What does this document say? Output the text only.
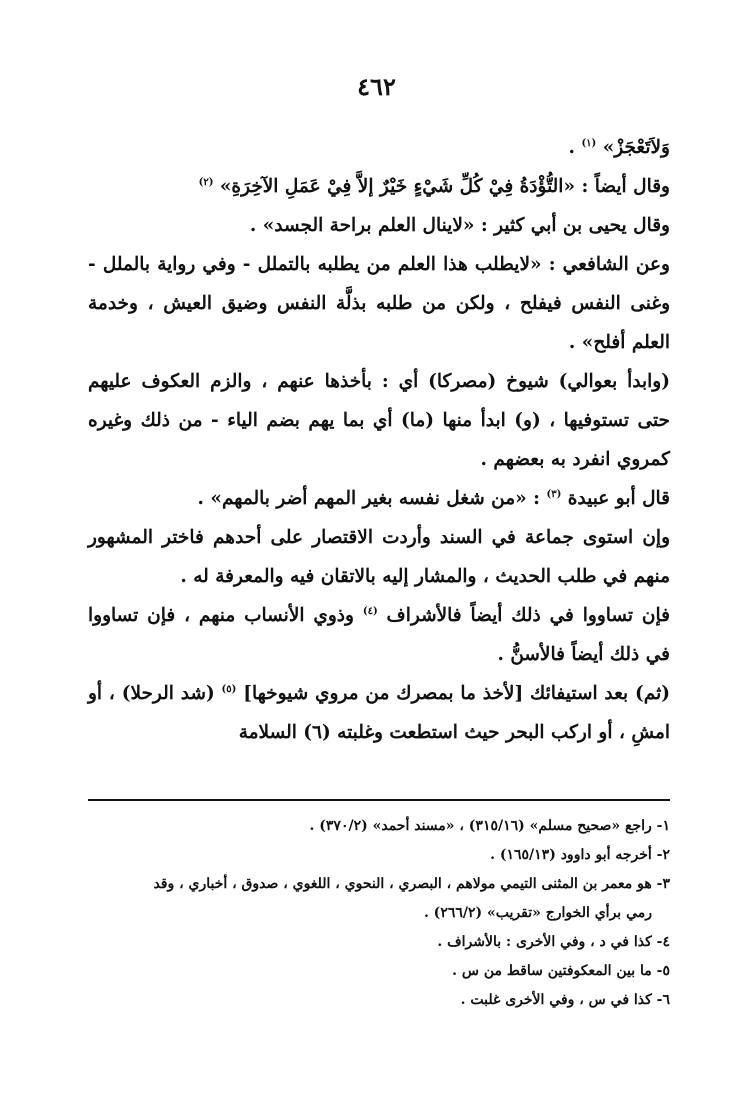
٤٦٢

وَلاَتَعْجَزْ» $^{(١)}$ .

وقال أيضاً : «التُّؤْدَةُ فِيْ كُلِّ شَيْءٍ خَيْرٌ إلاَّ فِيْ عَمَلِ الآخِرَةِ» $^{(٢)}$

وقال يحيى بن أبي كثير : «لاينال العلم براحة الجسد» .

وعن الشافعي : «لايطلب هذا العلم من يطلبه بالتملل - وفي رواية بالملل - وغنى النفس فيفلح ، ولكن من طلبه بذلَّة النفس وضيق العيش ، وخدمة العلم أفلح» .

(وابدأ بعوالي) شيوخ (مصركا) أي : بأخذها عنهم ، والزم العكوف عليهم حتى تستوفيها ، (و) ابدأ منها (ما) أي بما يهم بضم الياء - من ذلك وغيره كمروي انفرد به بعضهم .

قال أبو عبيدة $^{(٣)}$ : «من شغل نفسه بغير المهم أضر بالمهم» .

وإن استوى جماعة في السند وأردت الاقتصار على أحدهم فاختر المشهور منهم في طلب الحديث ، والمشار إليه بالاتقان فيه والمعرفة له .

فإن تساووا في ذلك أيضاً فالأشراف $^{(٤)}$ وذوي الأنساب منهم ، فإن تساووا في ذلك أيضاً فالأسنُّ .

(ثم) بعد استيفائك [لأخذ ما بمصرك من مروي شيوخها] $^{(٥)}$ (شد الرحلا) ، أو امشِ ، أو اركب البحر حيث استطعت وغلبته (٦) السلامة

١- راجع «صحيح مسلم» (٣١٥/١٦) ، «مسند أحمد» (٣٧٠/٢) .

٢- أخرجه أبو داوود (١٦٥/١٣) .

٣- هو معمر بن المثنى التيمي مولاهم ، البصري ، النحوي ، اللغوي ، صدوق ، أخباري ، وقد

رمي برأي الخوارج «تقريب» (٢٦٦/٢) .

٤- كذا في د ، وفي الأخرى : بالأشراف .

٥- ما بين المعكوفتين ساقط من س .

٦- كذا في س ، وفي الأخرى غلبت .
